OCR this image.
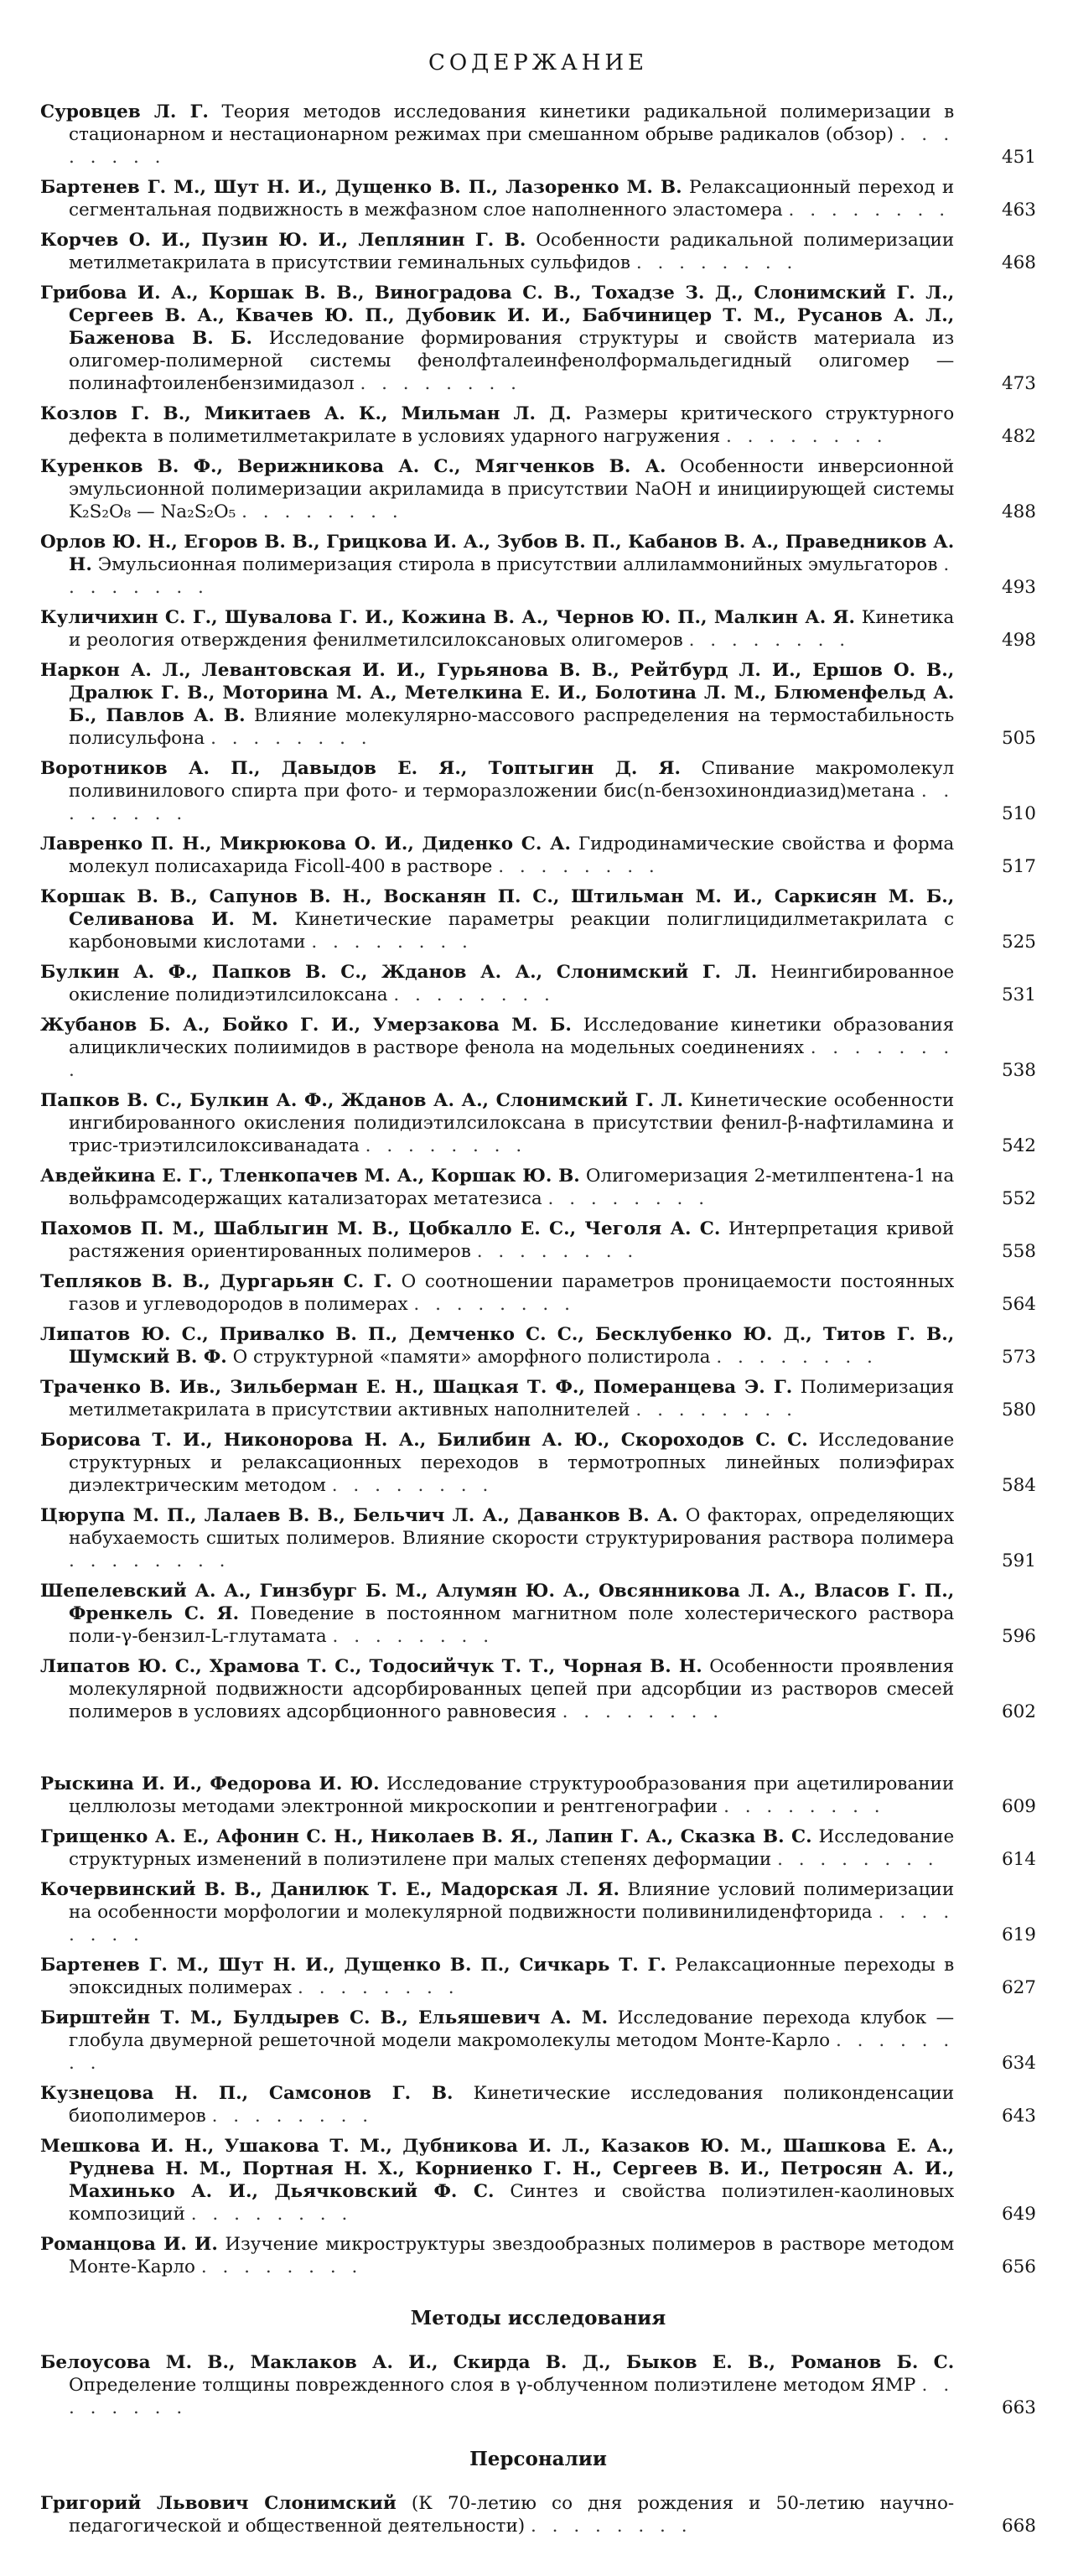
СОДЕРЖАНИЕ
Суровцев Л. Г. Теория методов исследования кинетики радикальной полимеризации в стационарном и нестационарном режимах при смешанном обрыве радикалов (обзор) . . . . . . . .	451
Бартенев Г. М., Шут Н. И., Дущенко В. П., Лазоренко М. В. Релаксационный переход и сегментальная подвижность в межфазном слое наполненного эластомера . . . . . . . .	463
Корчев О. И., Пузин Ю. И., Леплянин Г. В. Особенности радикальной полимеризации метилметакрилата в присутствии геминальных сульфидов . . . . . . . .	468
Грибова И. А., Коршак В. В., Виноградова С. В., Тохадзе З. Д., Слонимский Г. Л., Сергеев В. А., Квачев Ю. П., Дубовик И. И., Бабчиницер Т. М., Русанов А. Л., Баженова В. Б. Исследование формирования структуры и свойств материала из олигомер-полимерной системы фенолфталеинфенолформальдегидный олигомер — полинафтоиленбензимидазол . . . . . . . .	473
Козлов Г. В., Микитаев А. К., Мильман Л. Д. Размеры критического структурного дефекта в полиметилметакрилате в условиях ударного нагружения . . . . . . . .	482
Куренков В. Ф., Верижникова А. С., Мягченков В. А. Особенности инверсионной эмульсионной полимеризации акриламида в присутствии NaOH и инициирующей системы K₂S₂O₈ — Na₂S₂O₅ . . . . . . . .	488
Орлов Ю. Н., Егоров В. В., Грицкова И. А., Зубов В. П., Кабанов В. А., Праведников А. Н. Эмульсионная полимеризация стирола в присутствии аллиламмонийных эмульгаторов . . . . . . . .	493
Куличихин С. Г., Шувалова Г. И., Кожина В. А., Чернов Ю. П., Малкин А. Я. Кинетика и реология отверждения фенилметилсилоксановых олигомеров . . . . . . . .	498
Наркон А. Л., Левантовская И. И., Гурьянова В. В., Рейтбурд Л. И., Ершов О. В., Дралюк Г. В., Моторина М. А., Метелкина Е. И., Болотина Л. М., Блюменфельд А. Б., Павлов А. В. Влияние молекулярно-массового распределения на термостабильность полисульфона . . . . . . . .	505
Воротников А. П., Давыдов Е. Я., Топтыгин Д. Я. Спивание макромолекул поливинилового спирта при фото- и терморазложении бис(n-бензохинондиазид)метана . . . . . . . .	510
Лавренко П. Н., Микрюкова О. И., Диденко С. А. Гидродинамические свойства и форма молекул полисахарида Ficoll-400 в растворе . . . . . . . .	517
Коршак В. В., Сапунов В. Н., Восканян П. С., Штильман М. И., Саркисян М. Б., Селиванова И. М. Кинетические параметры реакции полиглицидилметакрилата с карбоновыми кислотами . . . . . . . .	525
Булкин А. Ф., Папков В. С., Жданов А. А., Слонимский Г. Л. Неингибированное окисление полидиэтилсилоксана . . . . . . . .	531
Жубанов Б. А., Бойко Г. И., Умерзакова М. Б. Исследование кинетики образования алициклических полиимидов в растворе фенола на модельных соединениях . . . . . . . .	538
Папков В. С., Булкин А. Ф., Жданов А. А., Слонимский Г. Л. Кинетические особенности ингибированного окисления полидиэтилсилоксана в присутствии фенил-β-нафтиламина и трис-триэтилсилоксиванадата . . . . . . . .	542
Авдейкина Е. Г., Тленкопачев М. А., Коршак Ю. В. Олигомеризация 2-метилпентена-1 на вольфрамсодержащих катализаторах метатезиса . . . . . . . .	552
Пахомов П. М., Шаблыгин М. В., Цобкалло Е. С., Чеголя А. С. Интерпретация кривой растяжения ориентированных полимеров . . . . . . . .	558
Тепляков В. В., Дургарьян С. Г. О соотношении параметров проницаемости постоянных газов и углеводородов в полимерах . . . . . . . .	564
Липатов Ю. С., Привалко В. П., Демченко С. С., Бесклубенко Ю. Д., Титов Г. В., Шумский В. Ф. О структурной «памяти» аморфного полистирола . . . . . . . .	573
Траченко В. Ив., Зильберман Е. Н., Шацкая Т. Ф., Померанцева Э. Г. Полимеризация метилметакрилата в присутствии активных наполнителей . . . . . . . .	580
Борисова Т. И., Никонорова Н. А., Билибин А. Ю., Скороходов С. С. Исследование структурных и релаксационных переходов в термотропных линейных полиэфирах диэлектрическим методом . . . . . . . .	584
Цюрупа М. П., Лалаев В. В., Бельчич Л. А., Даванков В. А. О факторах, определяющих набухаемость сшитых полимеров. Влияние скорости структурирования раствора полимера . . . . . . . .	591
Шепелевский А. А., Гинзбург Б. М., Алумян Ю. А., Овсянникова Л. А., Власов Г. П., Френкель С. Я. Поведение в постоянном магнитном поле холестерического раствора поли-γ-бензил-L-глутамата . . . . . . . .	596
Липатов Ю. С., Храмова Т. С., Тодосийчук Т. Т., Чорная В. Н. Особенности проявления молекулярной подвижности адсорбированных цепей при адсорбции из растворов смесей полимеров в условиях адсорбционного равновесия . . . . . . . .	602
Рыскина И. И., Федорова И. Ю. Исследование структурообразования при ацетилировании целлюлозы методами электронной микроскопии и рентгенографии . . . . . . . .	609
Грищенко А. Е., Афонин С. Н., Николаев В. Я., Лапин Г. А., Сказка В. С. Исследование структурных изменений в полиэтилене при малых степенях деформации . . . . . . . .	614
Кочервинский В. В., Данилюк Т. Е., Мадорская Л. Я. Влияние условий полимеризации на особенности морфологии и молекулярной подвижности поливинилиденфторида . . . . . . . .	619
Бартенев Г. М., Шут Н. И., Дущенко В. П., Сичкарь Т. Г. Релаксационные переходы в эпоксидных полимерах . . . . . . . .	627
Бирштейн Т. М., Булдырев С. В., Ельяшевич А. М. Исследование перехода клубок — глобула двумерной решеточной модели макромолекулы методом Монте-Карло . . . . . . . .	634
Кузнецова Н. П., Самсонов Г. В. Кинетические исследования поликонденсации биополимеров . . . . . . . .	643
Мешкова И. Н., Ушакова Т. М., Дубникова И. Л., Казаков Ю. М., Шашкова Е. А., Руднева Н. М., Портная Н. Х., Корниенко Г. Н., Сергеев В. И., Петросян А. И., Махинько А. И., Дьячковский Ф. С. Синтез и свойства полиэтилен-каолиновых композиций . . . . . . . .	649
Романцова И. И. Изучение микроструктуры звездообразных полимеров в растворе методом Монте-Карло . . . . . . . .	656
Методы исследования
Белоусова М. В., Маклаков А. И., Скирда В. Д., Быков Е. В., Романов Б. С. Определение толщины поврежденного слоя в γ-облученном полиэтилене методом ЯМР . . . . . . . .	663
Персоналии
Григорий Львович Слонимский (К 70-летию со дня рождения и 50-летию научно-педагогической и общественной деятельности) . . . . . . . .	668
